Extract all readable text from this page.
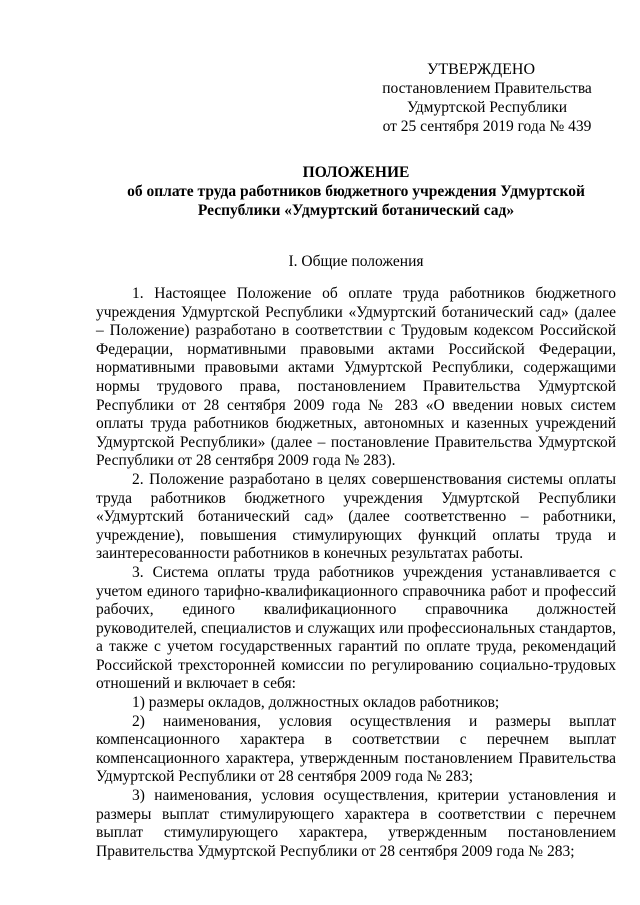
УТВЕРЖДЕНО
постановлением Правительства
Удмуртской Республики
от 25 сентября 2019 года № 439
ПОЛОЖЕНИЕ
об оплате труда работников бюджетного учреждения Удмуртской Республики «Удмуртский ботанический сад»
I. Общие положения

1. Настоящее Положение об оплате труда работников бюджетного учреждения Удмуртской Республики «Удмуртский ботанический сад» (далее – Положение) разработано в соответствии с Трудовым кодексом Российской Федерации, нормативными правовыми актами Российской Федерации, нормативными правовыми актами Удмуртской Республики, содержащими нормы трудового права, постановлением Правительства Удмуртской Республики от 28 сентября 2009 года № 283 «О введении новых систем оплаты труда работников бюджетных, автономных и казенных учреждений Удмуртской Республики» (далее – постановление Правительства Удмуртской Республики от 28 сентября 2009 года № 283).

2. Положение разработано в целях совершенствования системы оплаты труда работников бюджетного учреждения Удмуртской Республики «Удмуртский ботанический сад» (далее соответственно – работники, учреждение), повышения стимулирующих функций оплаты труда и заинтересованности работников в конечных результатах работы.

3. Система оплаты труда работников учреждения устанавливается с учетом единого тарифно-квалификационного справочника работ и профессий рабочих, единого квалификационного справочника должностей руководителей, специалистов и служащих или профессиональных стандартов, а также с учетом государственных гарантий по оплате труда, рекомендаций Российской трехсторонней комиссии по регулированию социально-трудовых отношений и включает в себя:

1) размеры окладов, должностных окладов работников;

2) наименования, условия осуществления и размеры выплат компенсационного характера в соответствии с перечнем выплат компенсационного характера, утвержденным постановлением Правительства Удмуртской Республики от 28 сентября 2009 года № 283;

3) наименования, условия осуществления, критерии установления и размеры выплат стимулирующего характера в соответствии с перечнем выплат стимулирующего характера, утвержденным постановлением Правительства Удмуртской Республики от 28 сентября 2009 года № 283;
